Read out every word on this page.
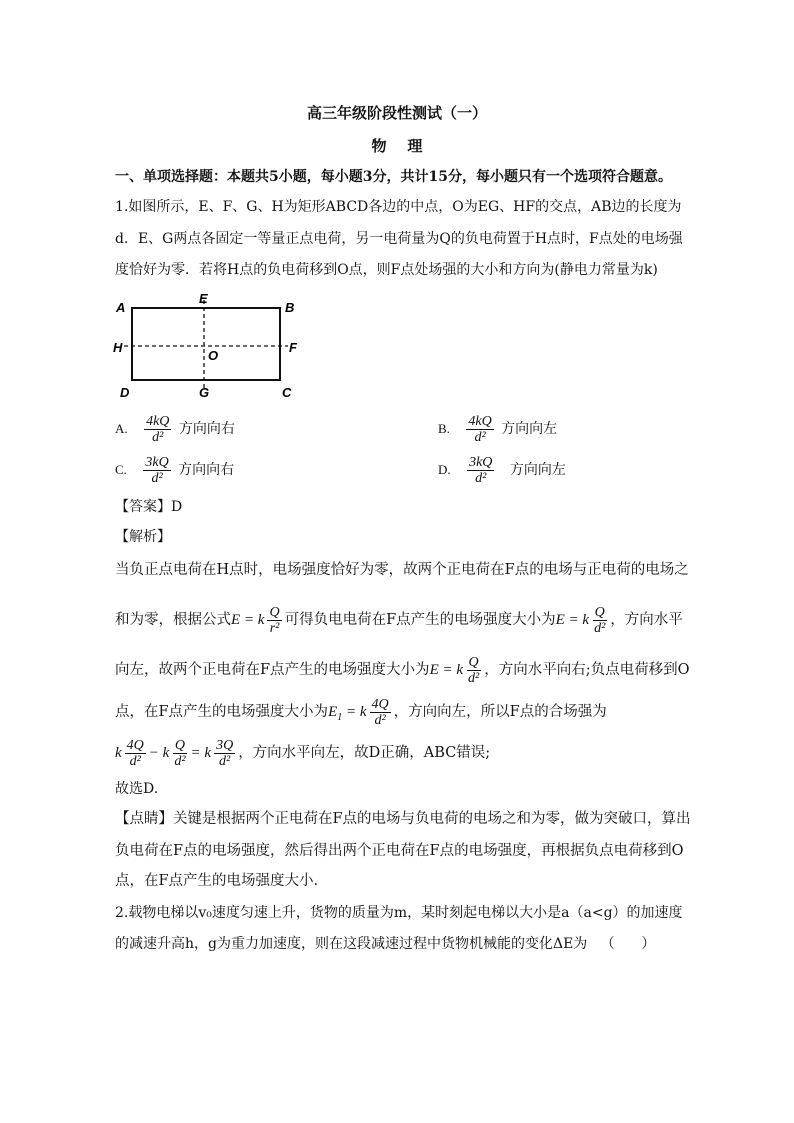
高三年级阶段性测试（一）
物    理
一、单项选择题：本题共5小题，每小题3分，共计15分，每小题只有一个选项符合题意。
1.如图所示，E、F、G、H为矩形ABCD各边的中点，O为EG、HF的交点，AB边的长度为
d．E、G两点各固定一等量正点电荷，另一电荷量为Q的负电荷置于H点时，F点处的电场强
度恰好为零．若将H点的负电荷移到O点，则F点处场强的大小和方向为(静电力常量为k)
A	B
E
H	F
O
D	G	C
A. $\frac{4kQ}{\text{d²}}$ 方向向右	B. $\frac{4kQ}{\text{d²}}$ 方向向左
C. $\frac{3kQ}{\text{d²}}$ 方向向右	D. $\frac{3kQ}{\text{d²}}$ 方向向左
【答案】D
【解析】
当负正点电荷在H点时，电场强度恰好为零，故两个正电荷在F点的电场与正电荷的电场之
和为零，根据公式E = k $\frac{Q}{\text{r²}}$ 可得负电电荷在F点产生的电场强度大小为E = k $\frac{Q}{\text{d²}}$ ，方向水平
向左，故两个正电荷在F点产生的电场强度大小为E = k $\frac{Q}{\text{d²}}$ ，方向水平向右;负点电荷移到O
点，在F点产生的电场强度大小为$E_1 = k \frac{4Q}{\text{d²}}$ ，方向向左，所以F点的合场强为
k $\frac{4Q}{\text{d²}} - k \frac{Q}{\text{d²}} = k \frac{3Q}{\text{d²}}$ ，方向水平向左，故D正确，ABC错误;
故选D.
【点睛】关键是根据两个正电荷在F点的电场与负电荷的电场之和为零，做为突破口，算出
负电荷在F点的电场强度，然后得出两个正电荷在F点的电场强度，再根据负点电荷移到O
点，在F点产生的电场强度大小.
2.载物电梯以v₀速度匀速上升，货物的质量为m，某时刻起电梯以大小是a（a<g）的加速度
的减速升高h，g为重力加速度，则在这段减速过程中货物机械能的变化ΔE为   （      ）
